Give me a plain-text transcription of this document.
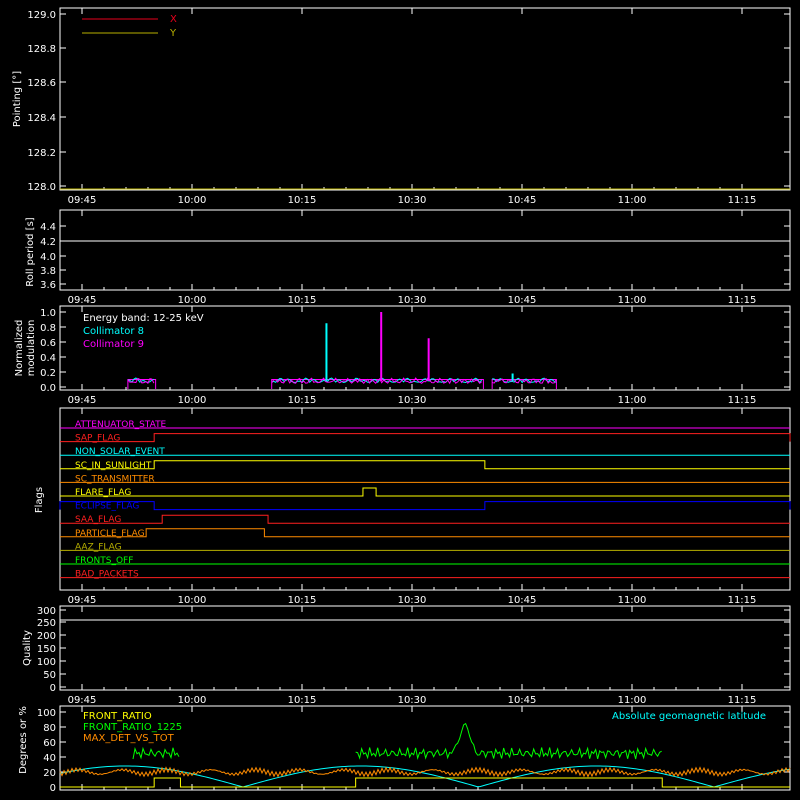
09:45	10:00	10:15	10:30	10:45	11:00	11:15
129.0
128.8
128.6
128.4
128.2
128.0
09:45	10:00	10:15	10:30	10:45	11:00	11:15
4.4
4.2
4.0
3.8
3.6
09:45	10:00	10:15	10:30	10:45	11:00	11:15
1.0
0.8
0.6
0.4
0.2
0.0
09:45	10:00	10:15	10:30	10:45	11:00	11:15
09:45	10:00	10:15	10:30	10:45	11:00	11:15
300
250
200
150
100
50
0
100
80
60
40
20
0
Pointing [°]
Roll period [s]
Normalized modulation
Flags
Quality
Degrees or %
X
Y
Energy band: 12-25 keV
Collimator 8
Collimator 9
ATTENUATOR_STATE
SAP_FLAG
NON_SOLAR_EVENT
SC_IN_SUNLIGHT
SC_TRANSMITTER
FLARE_FLAG
ECLIPSE_FLAG
SAA_FLAG
PARTICLE_FLAG
AAZ_FLAG
FRONTS_OFF
BAD_PACKETS
FRONT_RATIO
FRONT_RATIO_1225
MAX_DET_VS_TOT
Absolute geomagnetic latitude
